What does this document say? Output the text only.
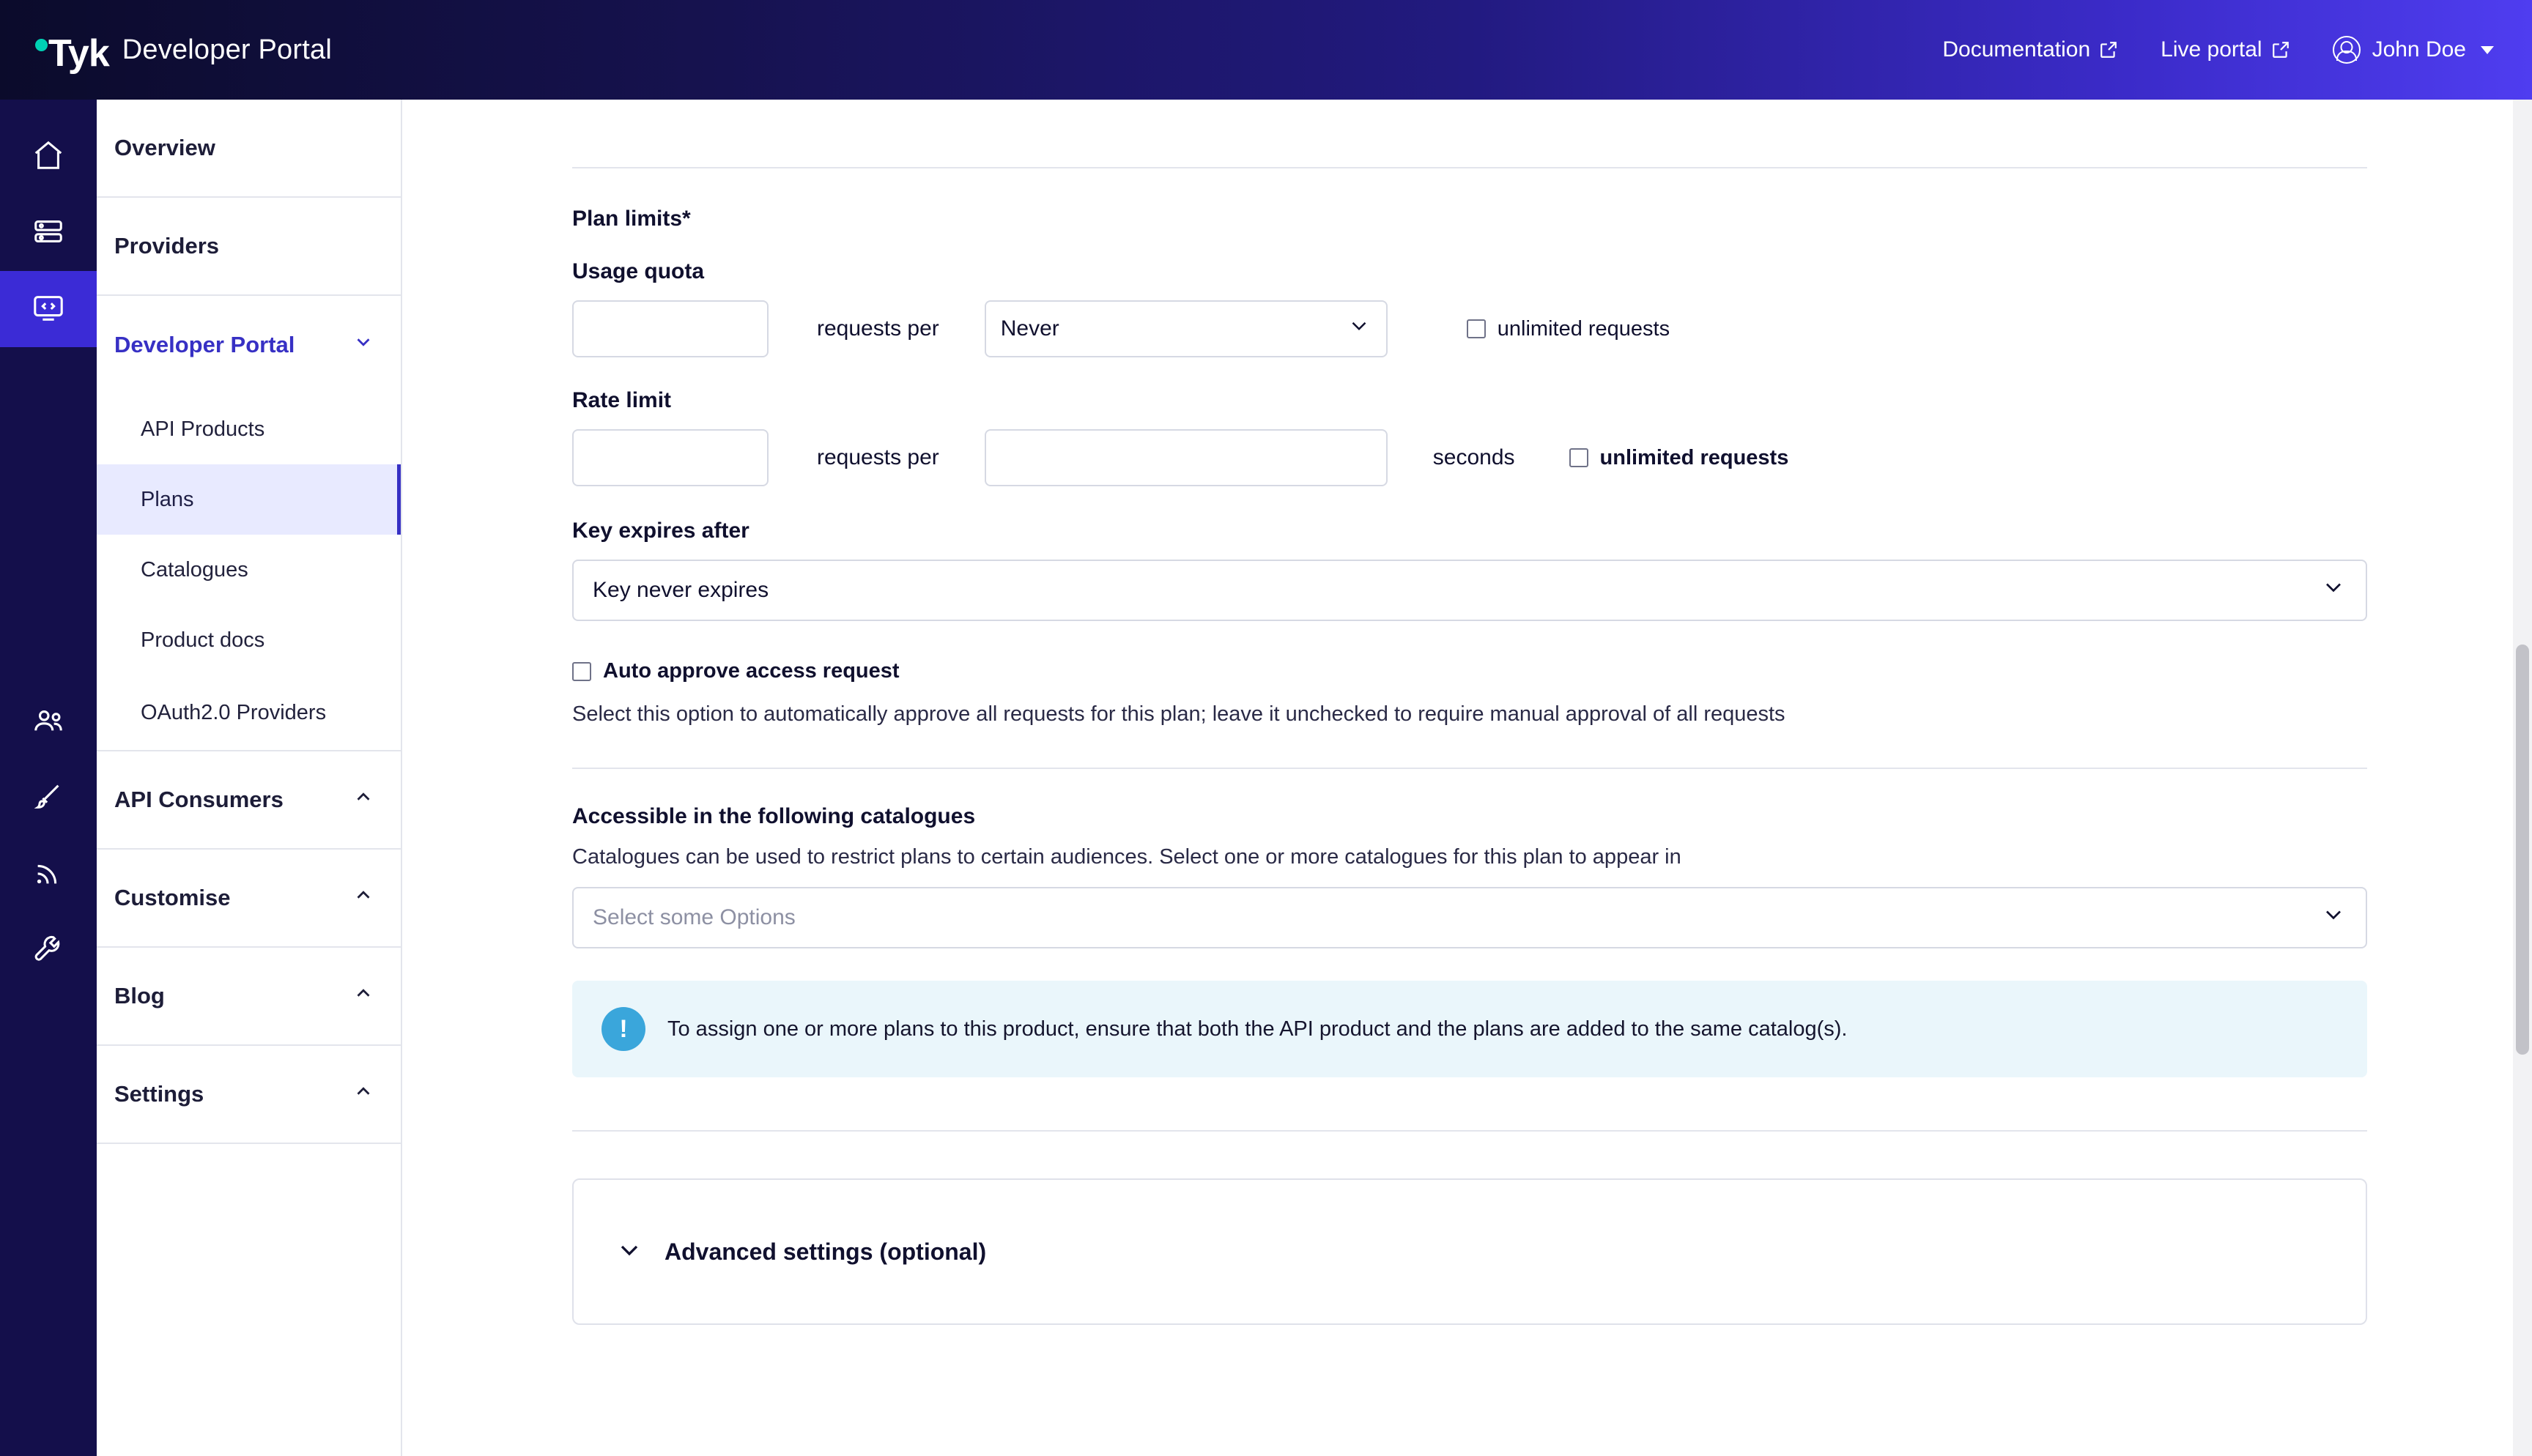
Tyk Developer Portal	Documentation	Live portal	John Doe
Overview
Providers
Developer Portal
API Products
Plans
Catalogues
Product docs
OAuth2.0 Providers
API Consumers
Customise
Blog
Settings
Plan limits*
Usage quota
requests per	Never	unlimited requests
Rate limit
requests per	seconds	unlimited requests
Key expires after
Key never expires
Auto approve access request
Select this option to automatically approve all requests for this plan; leave it unchecked to require manual approval of all requests
Accessible in the following catalogues
Catalogues can be used to restrict plans to certain audiences. Select one or more catalogues for this plan to appear in
Select some Options
!	To assign one or more plans to this product, ensure that both the API product and the plans are added to the same catalog(s).
Advanced settings (optional)
